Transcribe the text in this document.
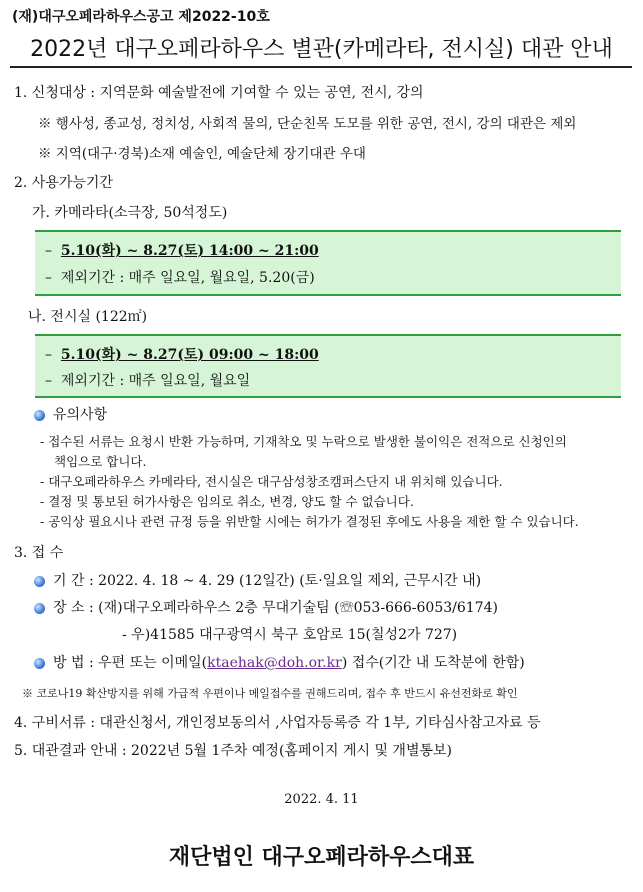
(재)대구오페라하우스공고 제2022-10호
2022년 대구오페라하우스 별관(카메라타, 전시실) 대관 안내
1. 신청대상 : 지역문화 예술발전에 기여할 수 있는 공연, 전시, 강의
※ 행사성, 종교성, 정치성, 사회적 물의, 단순친목 도모를 위한 공연, 전시, 강의 대관은 제외
※ 지역(대구·경북)소재 예술인, 예술단체 장기대관 우대
2. 사용가능기간
가. 카메라타(소극장, 50석정도)
– 5.10(화) ~ 8.27(토) 14:00 ~ 21:00
– 제외기간 : 매주 일요일, 월요일, 5.20(금)
나. 전시실 (122㎡)
– 5.10(화) ~ 8.27(토) 09:00 ~ 18:00
– 제외기간 : 매주 일요일, 월요일
유의사항
- 접수된 서류는 요청시 반환 가능하며, 기재착오 및 누락으로 발생한 불이익은 전적으로 신청인의
책임으로 합니다.
- 대구오페라하우스 카메라타, 전시실은 대구삼성창조캠퍼스단지 내 위치해 있습니다.
- 결정 및 통보된 허가사항은 임의로 취소, 변경, 양도 할 수 없습니다.
- 공익상 필요시나 관련 규정 등을 위반할 시에는 허가가 결정된 후에도 사용을 제한 할 수 있습니다.
3. 접 수
기 간 : 2022. 4. 18 ~ 4. 29 (12일간) (토·일요일 제외, 근무시간 내)
장 소 : (재)대구오페라하우스 2층 무대기술팀 (☏053-666-6053/6174)
- 우)41585 대구광역시 북구 호암로 15(칠성2가 727)
방 법 : 우편 또는 이메일(ktaehak@doh.or.kr) 접수(기간 내 도착분에 한함)
※ 코로나19 확산방지를 위해 가급적 우편이나 메일접수를 권해드리며, 접수 후 반드시 유선전화로 확인
4. 구비서류 : 대관신청서, 개인정보동의서 ,사업자등록증 각 1부, 기타심사참고자료 등
5. 대관결과 안내 : 2022년 5월 1주차 예정(홈페이지 게시 및 개별통보)
2022. 4. 11
재단법인 대구오페라하우스대표
